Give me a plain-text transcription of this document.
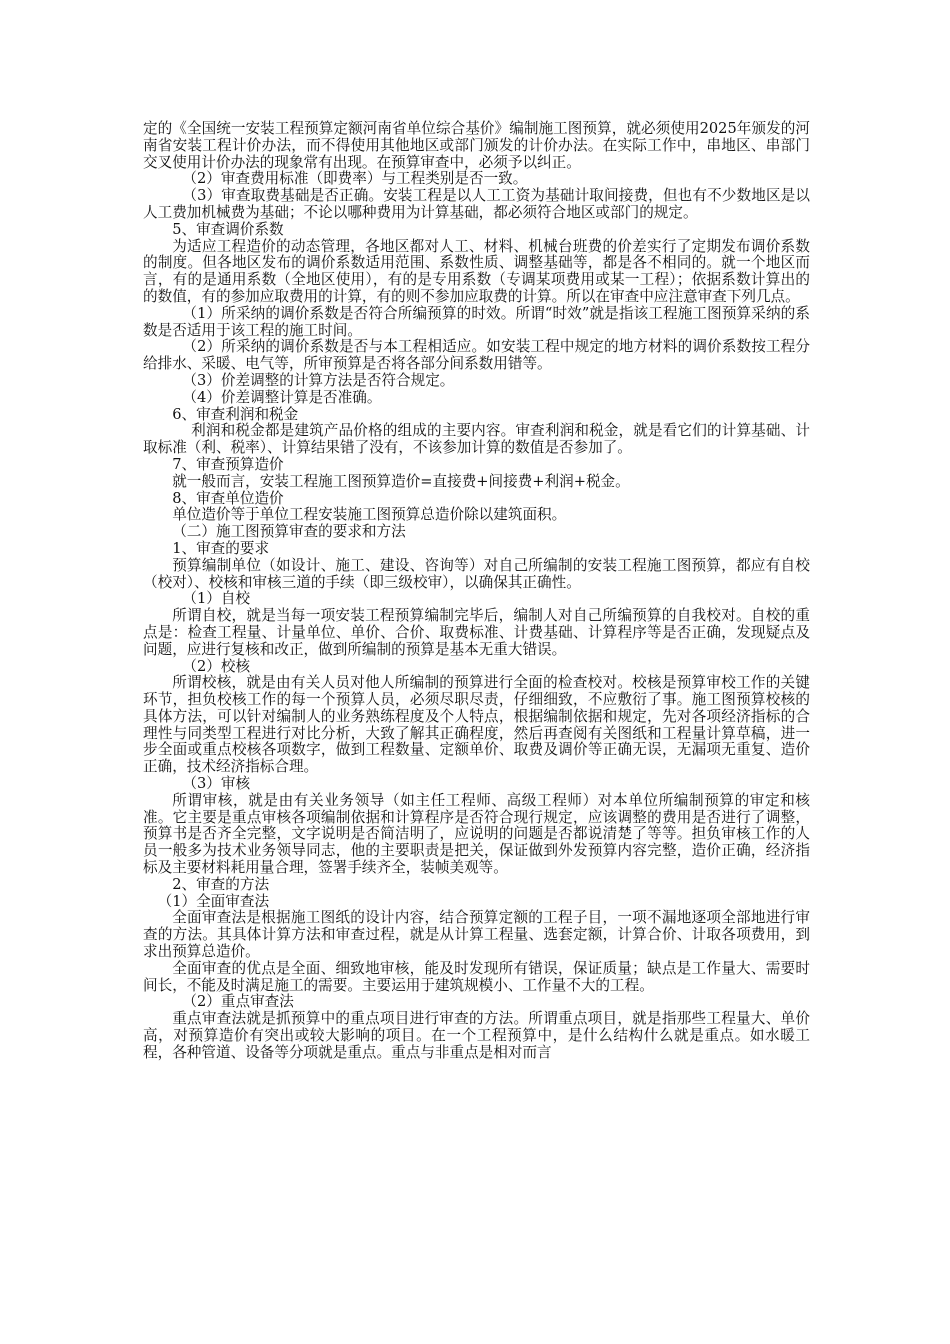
定的《全国统一安装工程预算定额河南省单位综合基价》编制施工图预算，就必须使用2025年颁发的河南省安装工程计价办法，而不得使用其他地区或部门颁发的计价办法。在实际工作中，串地区、串部门交叉使用计价办法的现象常有出现。在预算审查中，必须予以纠正。

（2）审查费用标准（即费率）与工程类别是否一致。

（3）审查取费基础是否正确。安装工程是以人工工资为基础计取间接费，但也有不少数地区是以人工费加机械费为基础；不论以哪种费用为计算基础，都必须符合地区或部门的规定。

5、审查调价系数

为适应工程造价的动态管理，各地区都对人工、材料、机械台班费的价差实行了定期发布调价系数的制度。但各地区发布的调价系数适用范围、系数性质、调整基础等，都是各不相同的。就一个地区而言，有的是通用系数（全地区使用），有的是专用系数（专调某项费用或某一工程）；依据系数计算出的的数值，有的参加应取费用的计算，有的则不参加应取费的计算。所以在审查中应注意审查下列几点。

（1）所采纳的调价系数是否符合所编预算的时效。所谓“时效”就是指该工程施工图预算采纳的系数是否适用于该工程的施工时间。

（2）所采纳的调价系数是否与本工程相适应。如安装工程中规定的地方材料的调价系数按工程分给排水、采暖、电气等，所审预算是否将各部分间系数用错等。

（3）价差调整的计算方法是否符合规定。

（4）价差调整计算是否准确。

6、审查利润和税金

利润和税金都是建筑产品价格的组成的主要内容。审查利润和税金，就是看它们的计算基础、计取标准（利、税率）、计算结果错了没有，不该参加计算的数值是否参加了。

7、审查预算造价

就一般而言，安装工程施工图预算造价=直接费+间接费+利润+税金。

8、审查单位造价

单位造价等于单位工程安装施工图预算总造价除以建筑面积。

（二）施工图预算审查的要求和方法

1、审查的要求

预算编制单位（如设计、施工、建设、咨询等）对自己所编制的安装工程施工图预算，都应有自校（校对）、校核和审核三道的手续（即三级校审），以确保其正确性。

（1）自校

所谓自校，就是当每一项安装工程预算编制完毕后，编制人对自己所编预算的自我校对。自校的重点是：检查工程量、计量单位、单价、合价、取费标准、计费基础、计算程序等是否正确，发现疑点及问题，应进行复核和改正，做到所编制的预算是基本无重大错误。

（2）校核

所谓校核，就是由有关人员对他人所编制的预算进行全面的检查校对。校核是预算审校工作的关键环节，担负校核工作的每一个预算人员，必须尽职尽责，仔细细致，不应敷衍了事。施工图预算校核的具体方法，可以针对编制人的业务熟练程度及个人特点，根据编制依据和规定，先对各项经济指标的合理性与同类型工程进行对比分析，大致了解其正确程度，然后再查阅有关图纸和工程量计算草稿，进一步全面或重点校核各项数字，做到工程数量、定额单价、取费及调价等正确无误，无漏项无重复、造价正确，技术经济指标合理。

（3）审核

所谓审核，就是由有关业务领导（如主任工程师、高级工程师）对本单位所编制预算的审定和核准。它主要是重点审核各项编制依据和计算程序是否符合现行规定，应该调整的费用是否进行了调整，预算书是否齐全完整，文字说明是否简洁明了，应说明的问题是否都说清楚了等等。担负审核工作的人员一般多为技术业务领导同志，他的主要职责是把关，保证做到外发预算内容完整，造价正确，经济指标及主要材料耗用量合理，签署手续齐全，装帧美观等。

2、审查的方法

（1）全面审查法

全面审查法是根据施工图纸的设计内容，结合预算定额的工程子目，一项不漏地逐项全部地进行审查的方法。其具体计算方法和审查过程，就是从计算工程量、选套定额，计算合价、计取各项费用，到求出预算总造价。

全面审查的优点是全面、细致地审核，能及时发现所有错误，保证质量；缺点是工作量大、需要时间长，不能及时满足施工的需要。主要运用于建筑规模小、工作量不大的工程。

（2）重点审查法

重点审查法就是抓预算中的重点项目进行审查的方法。所谓重点项目，就是指那些工程量大、单价高，对预算造价有突出或较大影响的项目。在一个工程预算中，是什么结构什么就是重点。如水暖工程，各种管道、设备等分项就是重点。重点与非重点是相对而言
